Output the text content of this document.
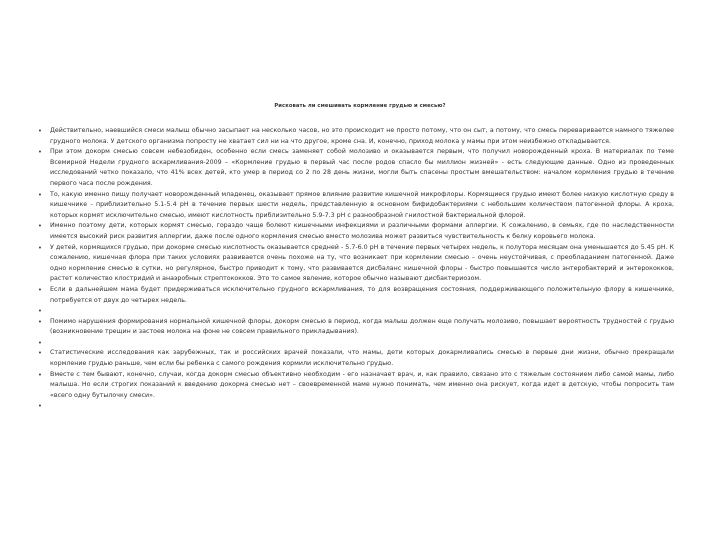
Рисковать ли смешивать кормление грудью и смесью?
•	Действительно, наевшийся смеси малыш обычно засыпает на несколько часов, но это происходит не просто потому, что он сыт, а потому, что смесь переваривается намного тяжелее грудного молока. У детского организма попросту не хватает сил ни на что другое, кроме сна. И, конечно, приход молока у мамы при этом неизбежно откладывается.
•	При этом докорм смесью совсем небезобиден, особенно если смесь заменяет собой молозиво и оказывается первым, что получил новорожденный кроха. В материалах по теме Всемирной Недели грудного вскармливания-2009 – «Кормление грудью в первый час после родов спасло бы миллион жизней» - есть следующие данные. Одно из проведенных исследований четко показало, что 41% всех детей, кто умер в период со 2 по 28 день жизни, могли быть спасены простым вмешательством: началом кормления грудью в течение первого часа после рождения.
•	То, какую именно пищу получает новорожденный младенец, оказывает прямое влияние развитие кишечной микрофлоры. Кормящиеся грудью имеют более низкую кислотную среду в кишечнике - приблизительно 5.1-5.4 pH в течение первых шести недель, представленную в основном бифидобактериями с небольшим количеством патогенной флоры. А кроха, которых кормят исключительно смесью, имеют кислотность приблизительно 5.9-7.3 pH с разнообразной гнилостной бактериальной флорой.
•	Именно поэтому дети, которых кормят смесью, гораздо чаще болеют кишечными инфекциями и различными формами аллергии. К сожалению, в семьях, где по наследственности имеется высокий риск развития аллергии, даже после одного кормления смесью вместо молозива может развиться чувствительность к белку коровьего молока.
•	У детей, кормящихся грудью, при докорме смесью кислотность оказывается средней - 5.7-6.0 pH в течение первых четырех недель, к полутора месяцам она уменьшается до 5.45 pH. К сожалению, кишечная флора при таких условиях развивается очень похоже на ту, что возникает при кормлении смесью – очень неустойчивая, с преобладанием патогенной. Даже одно кормление смесью в сутки, но регулярное, быстро приводит к тому, что развивается дисбаланс кишечной флоры - быстро повышается число энтеробактерий и энтерококков, растет количество клостридий и анаэробных стрептококков. Это то самое явление, которое обычно называют дисбактериозом.
•	Если в дальнейшем мама будет придерживаться исключительно грудного вскармливания, то для возвращения состояния, поддерживающего положительную флору в кишечнике, потребуется от двух до четырех недель.
•
•	Помимо нарушения формирования нормальной кишечной флоры, докорм смесью в период, когда малыш должен еще получать молозиво, повышает вероятность трудностей с грудью (возникновение трещин и застоев молока на фоне не совсем правильного прикладывания).
•
•	Статистические исследования как зарубежных, так и российских врачей показали, что мамы, дети которых докармливались смесью в первые дни жизни, обычно прекращали кормление грудью раньше, чем если бы ребенка с самого рождения кормили исключительно грудью.
•	Вместе с тем бывают, конечно, случаи, когда докорм смесью объективно необходим - его назначает врач, и, как правило, связано это с тяжелым состоянием либо самой мамы, либо малыша. Но если строгих показаний к введению докорма смесью нет – своевременной маме нужно понимать, чем именно она рискует, когда идет в детскую, чтобы попросить там «всего одну бутылочку смеси».
•
